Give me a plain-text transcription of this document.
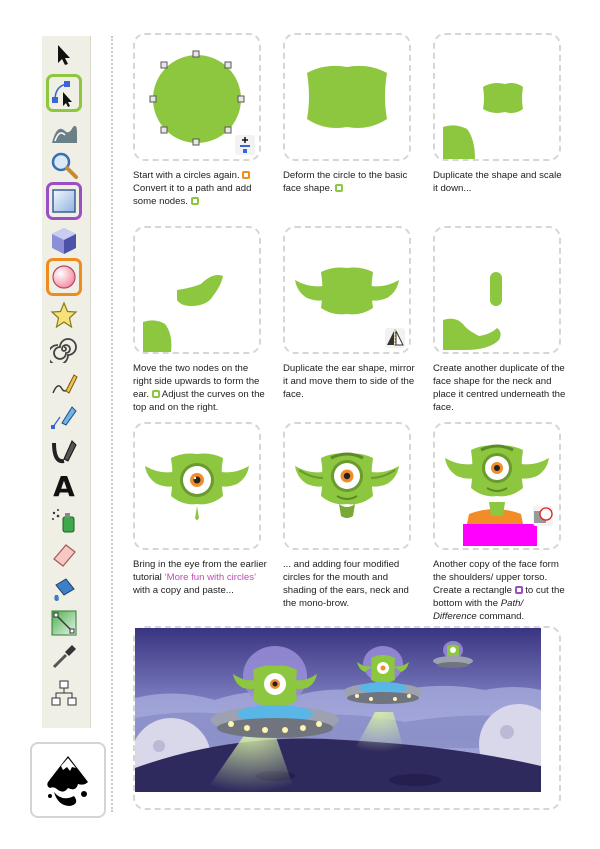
A
Start with a circles again.
Convert it to a path and add some nodes.
Deform the circle to the basic face shape.
Duplicate the shape and scale it down...
Move the two nodes on the right side upwards to form the ear.  Adjust the curves on the top and on the right.
Duplicate the ear shape, mirror it and move them to side of the face.
Create another duplicate of the face shape for the neck and place it centred underneath the face.
Bring in the eye from the earlier tutorial ‘More fun with circles’ with a copy and paste...
... and adding four modified circles for the mouth and shading of the ears, neck and the mono-brow.
Another copy of the face form the shoulders/ upper torso. Create a rectangle  to cut the bottom with the Path/ Difference command.
